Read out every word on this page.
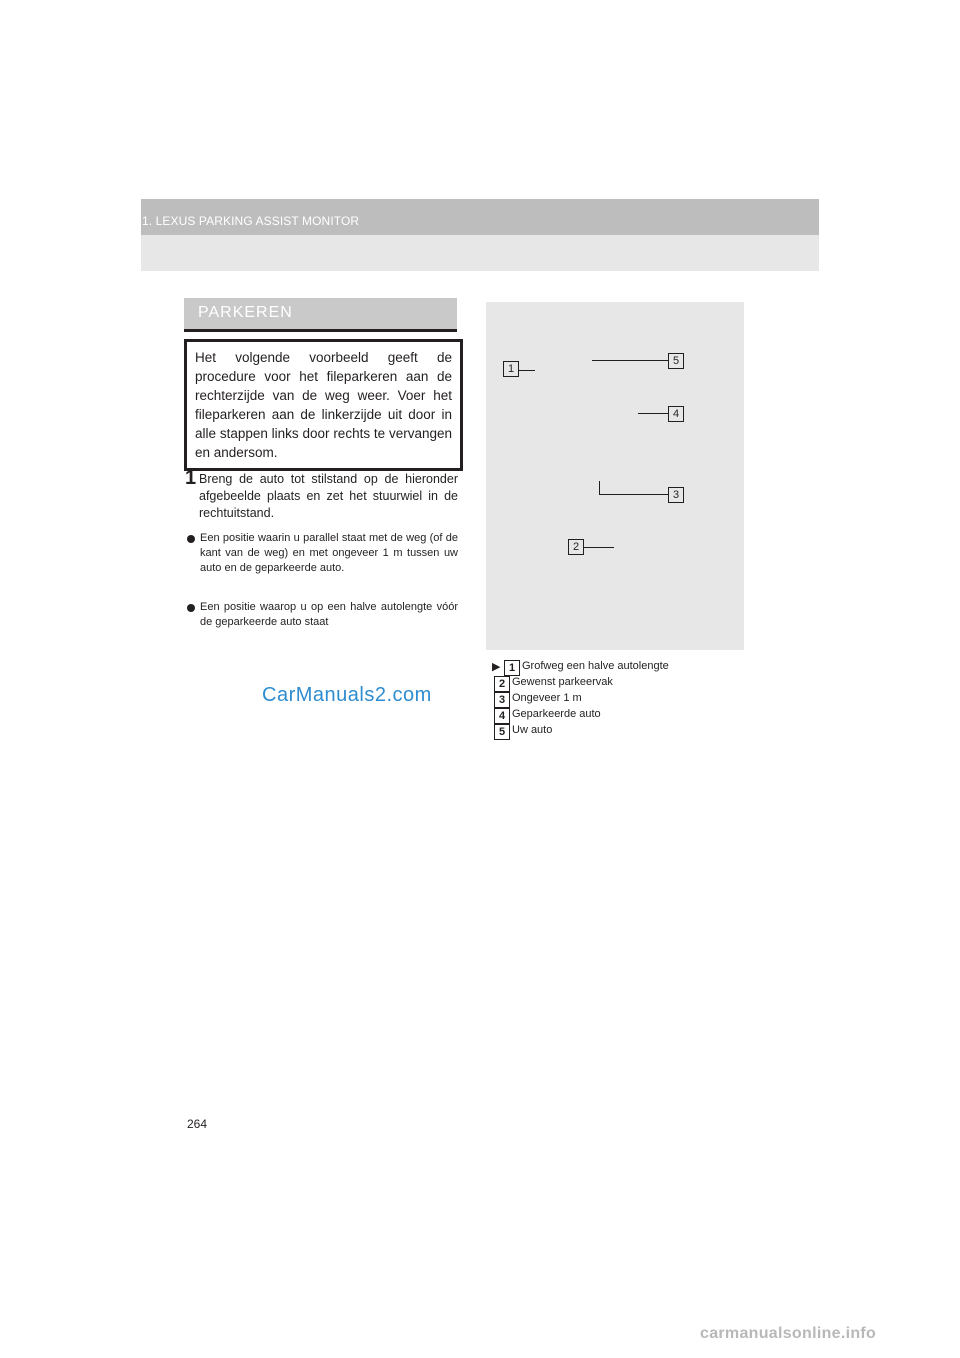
1. LEXUS PARKING ASSIST MONITOR
PARKEREN
Het volgende voorbeeld geeft de procedure voor het fileparkeren aan de rechterzijde van de weg weer. Voer het fileparkeren aan de linkerzijde uit door in alle stappen links door rechts te vervangen en andersom.
1 Breng de auto tot stilstand op de hieronder afgebeelde plaats en zet het stuurwiel in de rechtuitstand.
Een positie waarin u parallel staat met de weg (of de kant van de weg) en met ongeveer 1 m tussen uw auto en de geparkeerde auto.
Een positie waarop u op een halve autolengte vóór de geparkeerde auto staat
1
5
4
3
2
▶ 1 Grofweg een halve autolengte
2 Gewenst parkeervak
3 Ongeveer 1 m
4 Geparkeerde auto
5 Uw auto
CarManuals2.com
264
carmanualsonline.info
